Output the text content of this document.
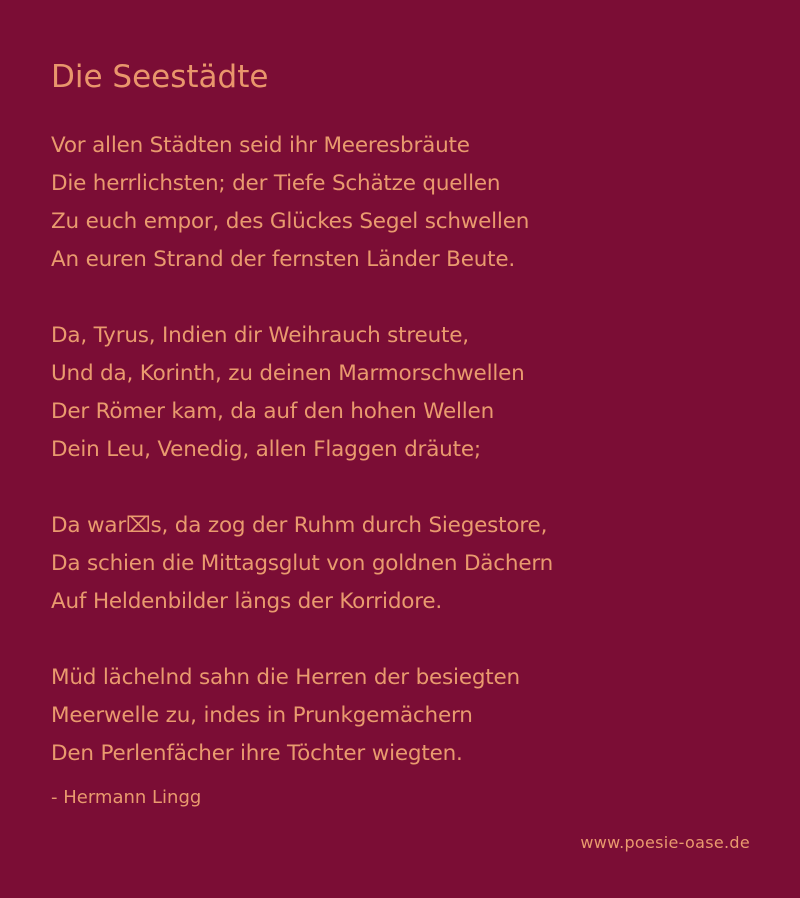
Die Seestädte
Vor allen Städten seid ihr Meeresbräute
Die herrlichsten; der Tiefe Schätze quellen
Zu euch empor, des Glückes Segel schwellen
An euren Strand der fernsten Länder Beute.
Da, Tyrus, Indien dir Weihrauch streute,
Und da, Korinth, zu deinen Marmorschwellen
Der Römer kam, da auf den hohen Wellen
Dein Leu, Venedig, allen Flaggen dräute;
Da war⌧s, da zog der Ruhm durch Siegestore,
Da schien die Mittagsglut von goldnen Dächern
Auf Heldenbilder längs der Korridore.
Müd lächelnd sahn die Herren der besiegten
Meerwelle zu, indes in Prunkgemächern
Den Perlenfächer ihre Töchter wiegten.
- Hermann Lingg
www.poesie-oase.de
